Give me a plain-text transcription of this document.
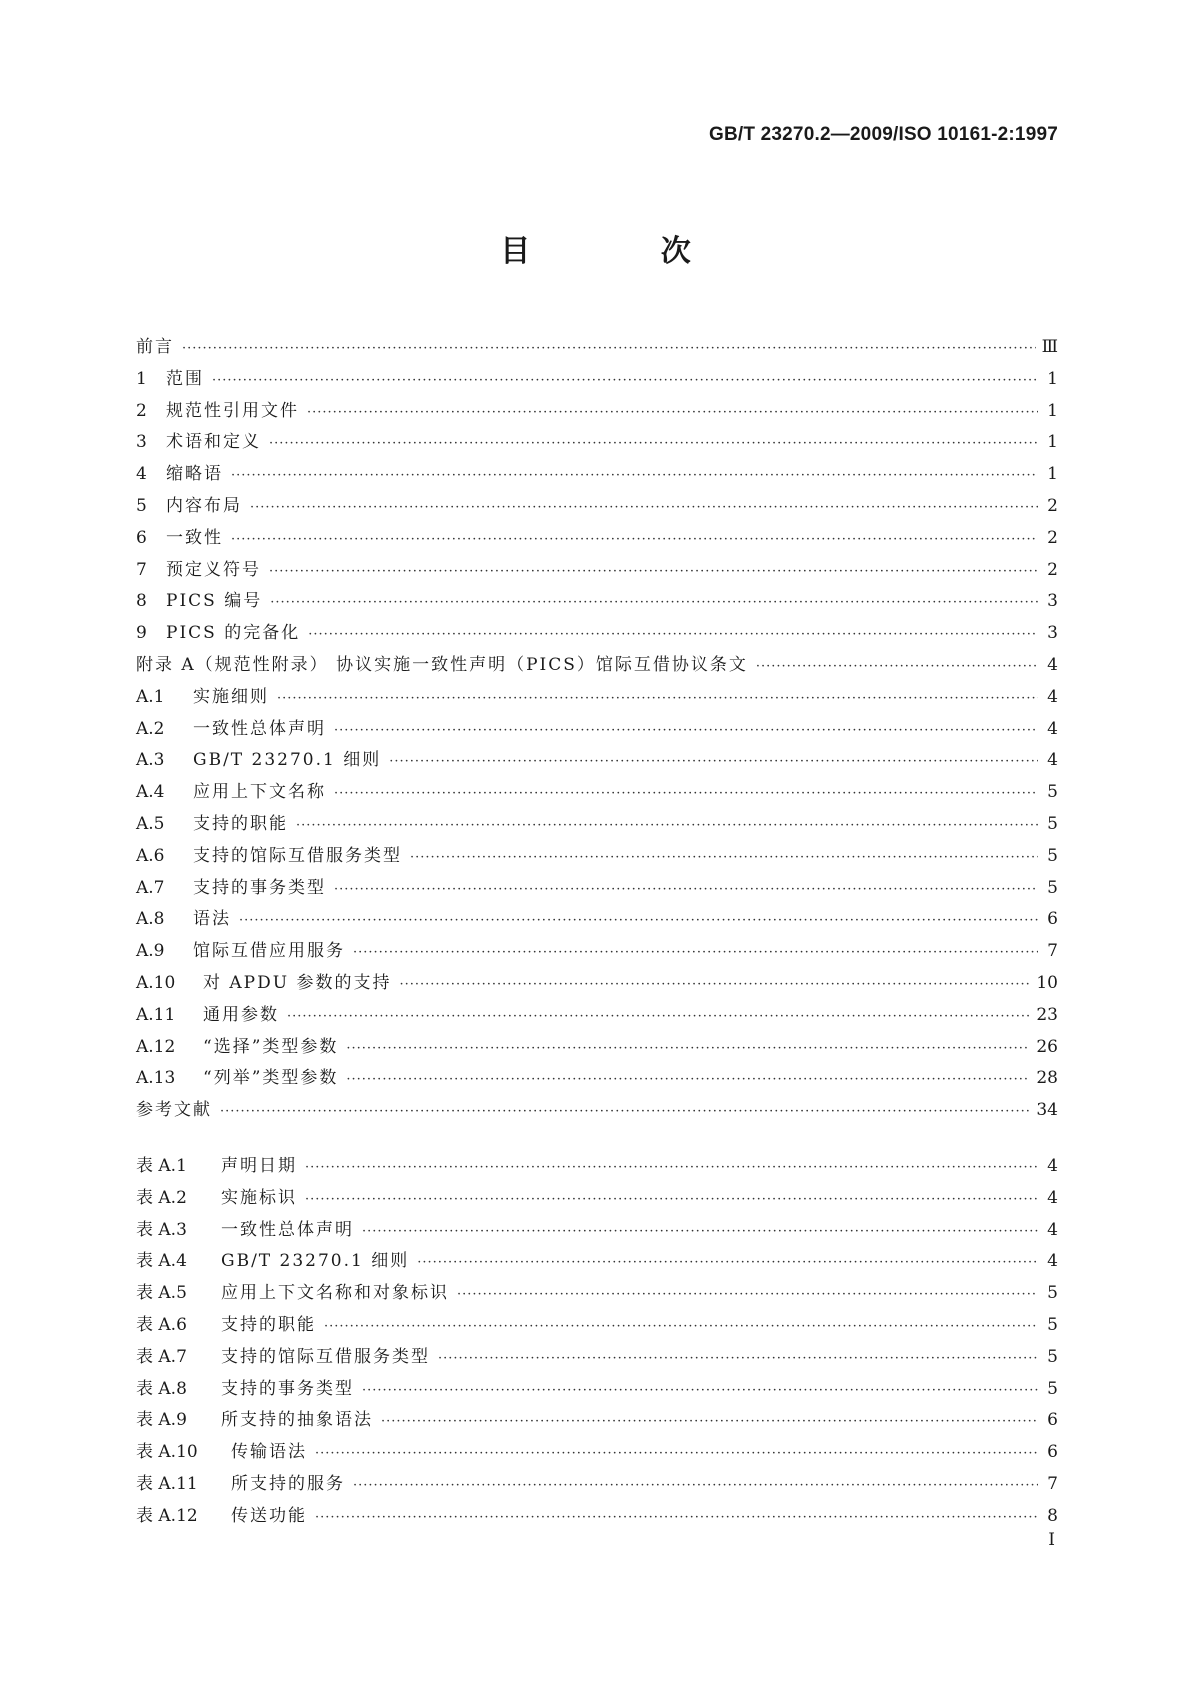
GB/T 23270.2—2009/ISO 10161-2:1997
目 次
前言 ·····	Ⅲ
1	范围 ·····	1
2	规范性引用文件 ·····	1
3	术语和定义 ·····	1
4	缩略语 ·····	1
5	内容布局 ·····	2
6	一致性 ·····	2
7	预定义符号 ·····	2
8	PICS 编号 ·····	3
9	PICS 的完备化 ·····	3
附录 A（规范性附录） 协议实施一致性声明（PICS）馆际互借协议条文 ·····	4
A.1	实施细则 ·····	4
A.2	一致性总体声明 ·····	4
A.3	GB/T 23270.1 细则 ·····	4
A.4	应用上下文名称 ·····	5
A.5	支持的职能 ·····	5
A.6	支持的馆际互借服务类型 ·····	5
A.7	支持的事务类型 ·····	5
A.8	语法 ·····	6
A.9	馆际互借应用服务 ·····	7
A.10	对 APDU 参数的支持 ·····	10
A.11	通用参数 ·····	23
A.12	“选择”类型参数 ·····	26
A.13	“列举”类型参数 ·····	28
参考文献 ·····	34
表 A.1	声明日期 ·····	4
表 A.2	实施标识 ·····	4
表 A.3	一致性总体声明 ·····	4
表 A.4	GB/T 23270.1 细则 ·····	4
表 A.5	应用上下文名称和对象标识 ·····	5
表 A.6	支持的职能 ·····	5
表 A.7	支持的馆际互借服务类型 ·····	5
表 A.8	支持的事务类型 ·····	5
表 A.9	所支持的抽象语法 ·····	6
表 A.10	传输语法 ·····	6
表 A.11	所支持的服务 ·····	7
表 A.12	传送功能 ·····	8
I
